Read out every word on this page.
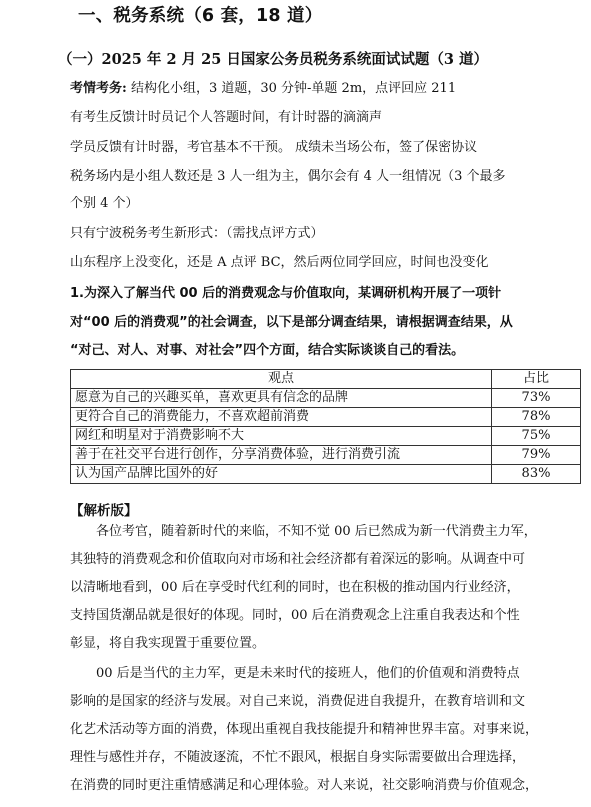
一、税务系统（6 套，18 道）
（一）2025 年 2 月 25 日国家公务员税务系统面试试题（3 道）
考情考务: 结构化小组，3 道题，30 分钟-单题 2m，点评回应 211
有考生反馈计时员记个人答题时间，有计时器的滴滴声
学员反馈有计时器，考官基本不干预。 成绩未当场公布，签了保密协议
税务场内是小组人数还是 3 人一组为主，偶尔会有 4 人一组情况（3 个最多
个别 4 个）
只有宁波税务考生新形式：（需找点评方式）
山东程序上没变化，还是 A 点评 BC，然后两位同学回应，时间也没变化
1.为深入了解当代 00 后的消费观念与价值取向，某调研机构开展了一项针
对“00 后的消费观”的社会调查，以下是部分调查结果，请根据调查结果，从
“对己、对人、对事、对社会”四个方面，结合实际谈谈自己的看法。
观点	占比
愿意为自己的兴趣买单，喜欢更具有信念的品牌	73%
更符合自己的消费能力，不喜欢超前消费	78%
网红和明星对于消费影响不大	75%
善于在社交平台进行创作，分享消费体验，进行消费引流	79%
认为国产品牌比国外的好	83%
【解析版】
　　各位考官，随着新时代的来临，不知不觉 00 后已然成为新一代消费主力军，
其独特的消费观念和价值取向对市场和社会经济都有着深远的影响。从调查中可
以清晰地看到，00 后在享受时代红利的同时，也在积极的推动国内行业经济，
支持国货潮品就是很好的体现。同时，00 后在消费观念上注重自我表达和个性
彰显，将自我实现置于重要位置。
　　00 后是当代的主力军，更是未来时代的接班人，他们的价值观和消费特点
影响的是国家的经济与发展。对自己来说，消费促进自我提升，在教育培训和文
化艺术活动等方面的消费，体现出重视自我技能提升和精神世界丰富。对事来说，
理性与感性并存，不随波逐流，不忙不跟风，根据自身实际需要做出合理选择，
在消费的同时更注重情感满足和心理体验。对人来说，社交影响消费与价值观念，
